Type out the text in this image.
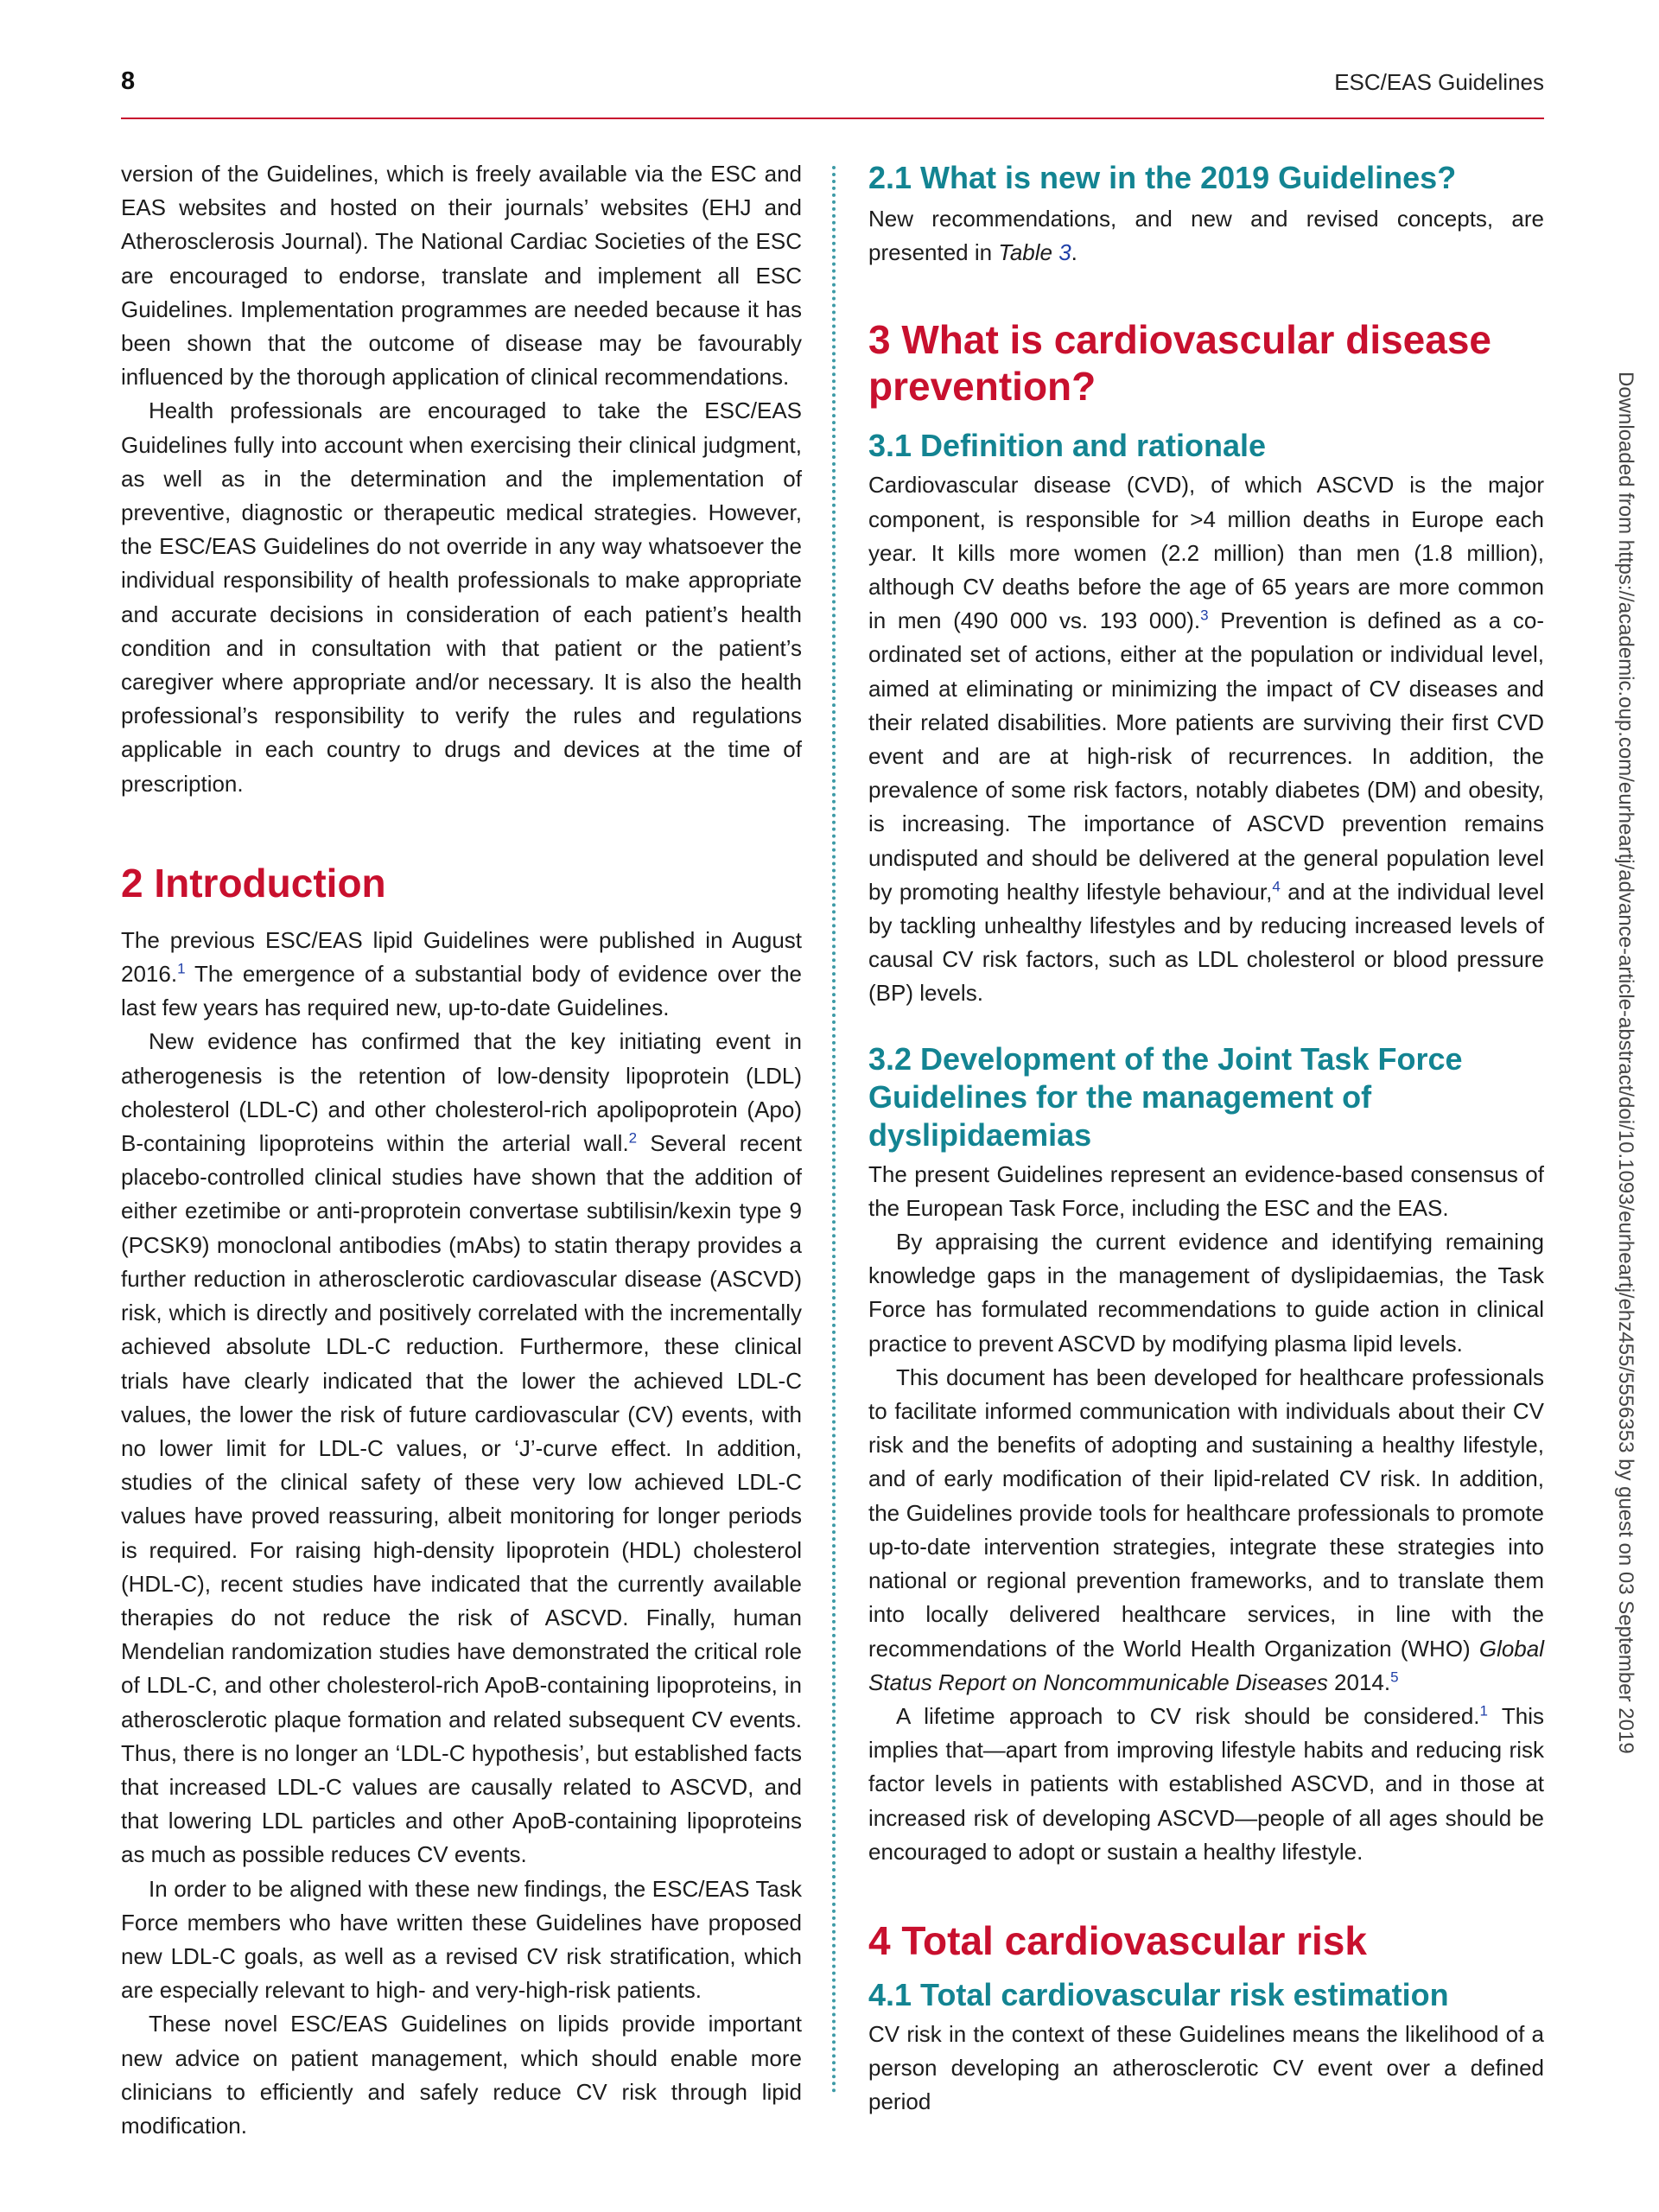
8	ESC/EAS Guidelines

version of the Guidelines, which is freely available via the ESC and EAS websites and hosted on their journals’ websites (EHJ and Atherosclerosis Journal). The National Cardiac Societies of the ESC are encouraged to endorse, translate and implement all ESC Guidelines. Implementation programmes are needed because it has been shown that the outcome of disease may be favourably influenced by the thorough application of clinical recommendations.

Health professionals are encouraged to take the ESC/EAS Guidelines fully into account when exercising their clinical judgment, as well as in the determination and the implementation of preventive, diagnostic or therapeutic medical strategies. However, the ESC/EAS Guidelines do not override in any way whatsoever the individual responsibility of health professionals to make appropriate and accurate decisions in consideration of each patient’s health condition and in consultation with that patient or the patient’s caregiver where appropriate and/or necessary. It is also the health professional’s responsibility to verify the rules and regulations applicable in each country to drugs and devices at the time of prescription.

2 Introduction

The previous ESC/EAS lipid Guidelines were published in August 2016.$^1$ The emergence of a substantial body of evidence over the last few years has required new, up-to-date Guidelines.

New evidence has confirmed that the key initiating event in atherogenesis is the retention of low-density lipoprotein (LDL) cholesterol (LDL-C) and other cholesterol-rich apolipoprotein (Apo) B-containing lipoproteins within the arterial wall.$^2$ Several recent placebo-controlled clinical studies have shown that the addition of either ezetimibe or anti-proprotein convertase subtilisin/kexin type 9 (PCSK9) monoclonal antibodies (mAbs) to statin therapy provides a further reduction in atherosclerotic cardiovascular disease (ASCVD) risk, which is directly and positively correlated with the incrementally achieved absolute LDL-C reduction. Furthermore, these clinical trials have clearly indicated that the lower the achieved LDL-C values, the lower the risk of future cardiovascular (CV) events, with no lower limit for LDL-C values, or ‘J’-curve effect. In addition, studies of the clinical safety of these very low achieved LDL-C values have proved reassuring, albeit monitoring for longer periods is required. For raising high-density lipoprotein (HDL) cholesterol (HDL-C), recent studies have indicated that the currently available therapies do not reduce the risk of ASCVD. Finally, human Mendelian randomization studies have demonstrated the critical role of LDL-C, and other cholesterol-rich ApoB-containing lipoproteins, in atherosclerotic plaque formation and related subsequent CV events. Thus, there is no longer an ‘LDL-C hypothesis’, but established facts that increased LDL-C values are causally related to ASCVD, and that lowering LDL particles and other ApoB-containing lipoproteins as much as possible reduces CV events.

In order to be aligned with these new findings, the ESC/EAS Task Force members who have written these Guidelines have proposed new LDL-C goals, as well as a revised CV risk stratification, which are especially relevant to high- and very-high-risk patients.

These novel ESC/EAS Guidelines on lipids provide important new advice on patient management, which should enable more clinicians to efficiently and safely reduce CV risk through lipid modification.

2.1 What is new in the 2019 Guidelines?

New recommendations, and new and revised concepts, are presented in Table 3.

3 What is cardiovascular disease prevention?
3.1 Definition and rationale

Cardiovascular disease (CVD), of which ASCVD is the major component, is responsible for >4 million deaths in Europe each year. It kills more women (2.2 million) than men (1.8 million), although CV deaths before the age of 65 years are more common in men (490 000 vs. 193 000).$^3$ Prevention is defined as a co-ordinated set of actions, either at the population or individual level, aimed at eliminating or minimizing the impact of CV diseases and their related disabilities. More patients are surviving their first CVD event and are at high-risk of recurrences. In addition, the prevalence of some risk factors, notably diabetes (DM) and obesity, is increasing. The importance of ASCVD prevention remains undisputed and should be delivered at the general population level by promoting healthy lifestyle behaviour,$^4$ and at the individual level by tackling unhealthy lifestyles and by reducing increased levels of causal CV risk factors, such as LDL cholesterol or blood pressure (BP) levels.

3.2 Development of the Joint Task Force Guidelines for the management of dyslipidaemias

The present Guidelines represent an evidence-based consensus of the European Task Force, including the ESC and the EAS.

By appraising the current evidence and identifying remaining knowledge gaps in the management of dyslipidaemias, the Task Force has formulated recommendations to guide action in clinical practice to prevent ASCVD by modifying plasma lipid levels.

This document has been developed for healthcare professionals to facilitate informed communication with individuals about their CV risk and the benefits of adopting and sustaining a healthy lifestyle, and of early modification of their lipid-related CV risk. In addition, the Guidelines provide tools for healthcare professionals to promote up-to-date intervention strategies, integrate these strategies into national or regional prevention frameworks, and to translate them into locally delivered healthcare services, in line with the recommendations of the World Health Organization (WHO) Global Status Report on Noncommunicable Diseases 2014.$^5$

A lifetime approach to CV risk should be considered.$^1$ This implies that—apart from improving lifestyle habits and reducing risk factor levels in patients with established ASCVD, and in those at increased risk of developing ASCVD—people of all ages should be encouraged to adopt or sustain a healthy lifestyle.

4 Total cardiovascular risk
4.1 Total cardiovascular risk estimation

CV risk in the context of these Guidelines means the likelihood of a person developing an atherosclerotic CV event over a defined period

Downloaded from https://academic.oup.com/eurheartj/advance-article-abstract/doi/10.1093/eurheartj/ehz455/5556353 by guest on 03 September 2019
